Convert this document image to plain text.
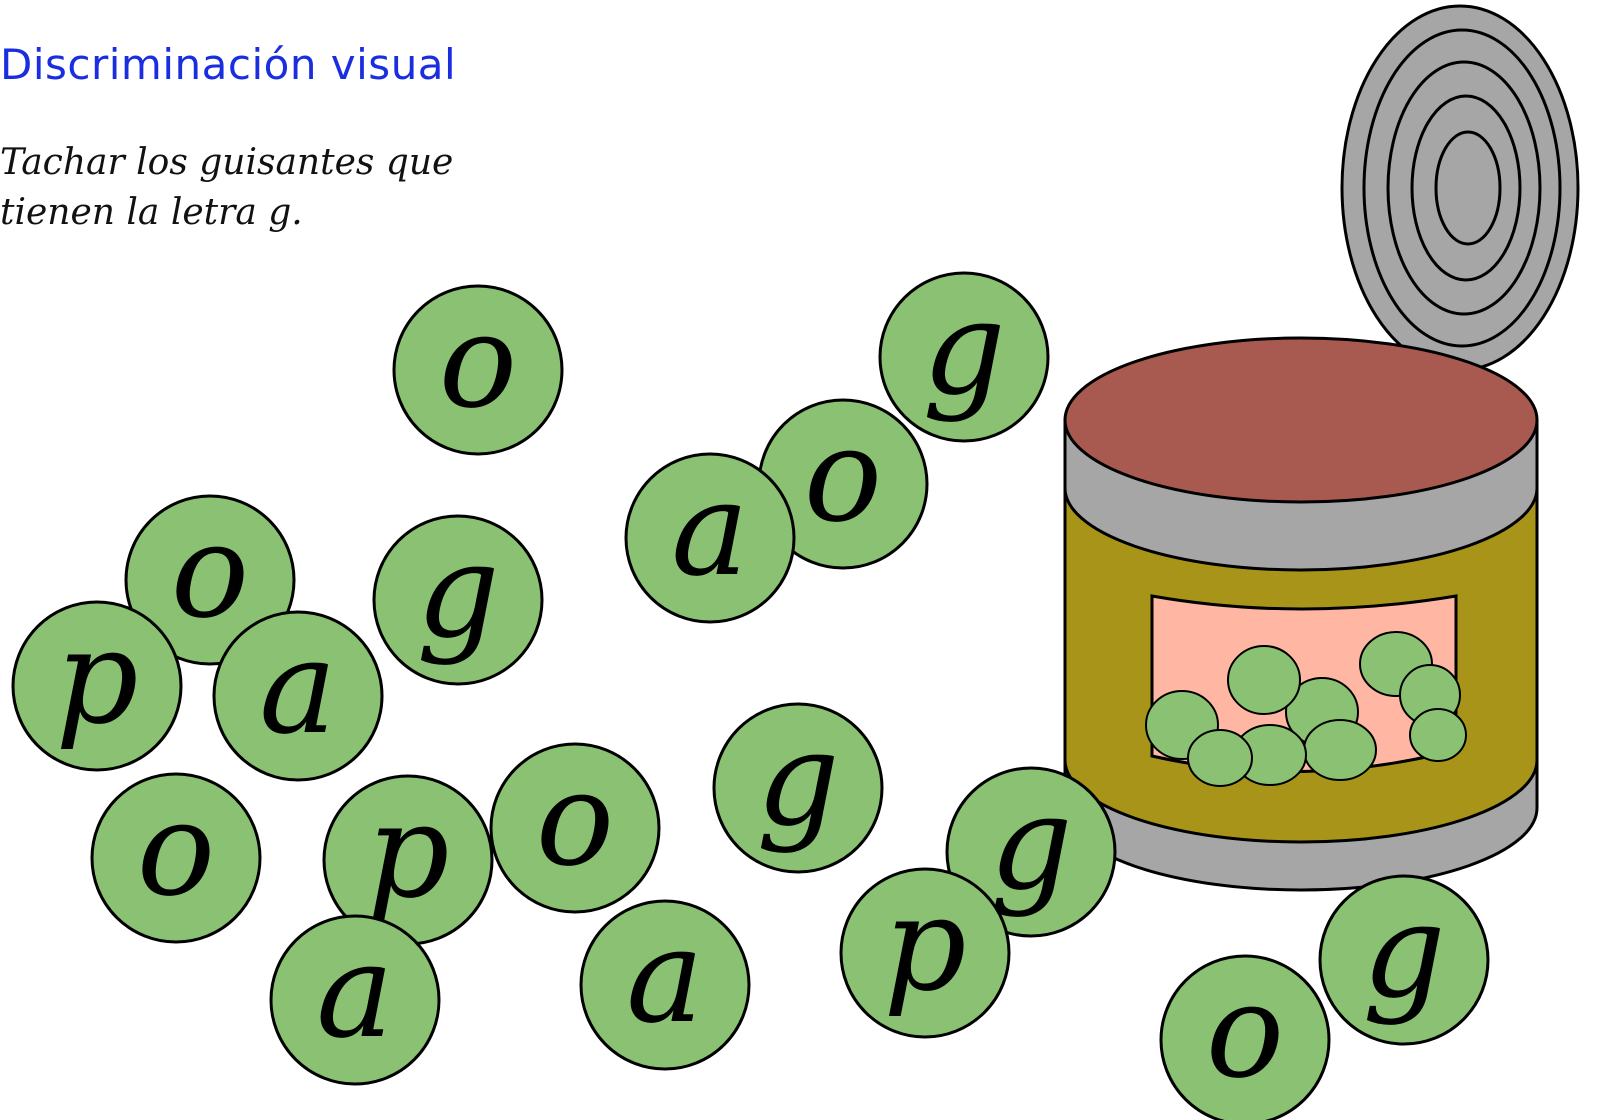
Discriminación visual
Tachar los guisantes que
tienen la letra g.
o	g
o
a
o g
p a
g
o p o	g
a a p	g
o
